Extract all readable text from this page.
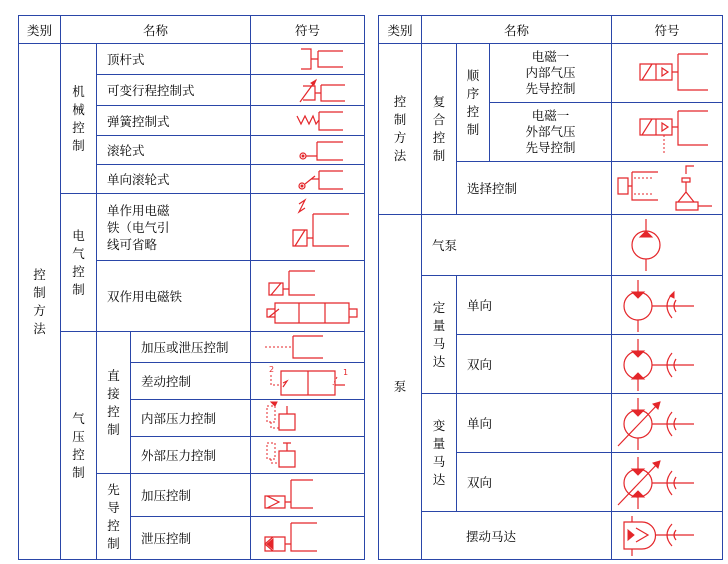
类别	名称			符号
控制方法	机械控制	顶杆式	

		可变行程控制式	

		弹簧控制式	

		滚轮式	

		单向滚轮式	

	电气控制	单作用电磁
铁（电气引
线可省略

		双作用电磁铁	

	气压控制	直接控制	加压或泄压控制	

			差动控制	2 1

			内部压力控制	

			外部压力控制	

		先导控制	加压控制	

			泄压控制	
类别	名称			符号
控制方法	复合控制	顺序控制	电磁一
内部气压
先导控制

			电磁一
外部气压
先导控制

		选择控制	

泵	气泵	

	定量马达	单向	

		双向	

	变量马达	单向	

		双向	

	摆动马达	
